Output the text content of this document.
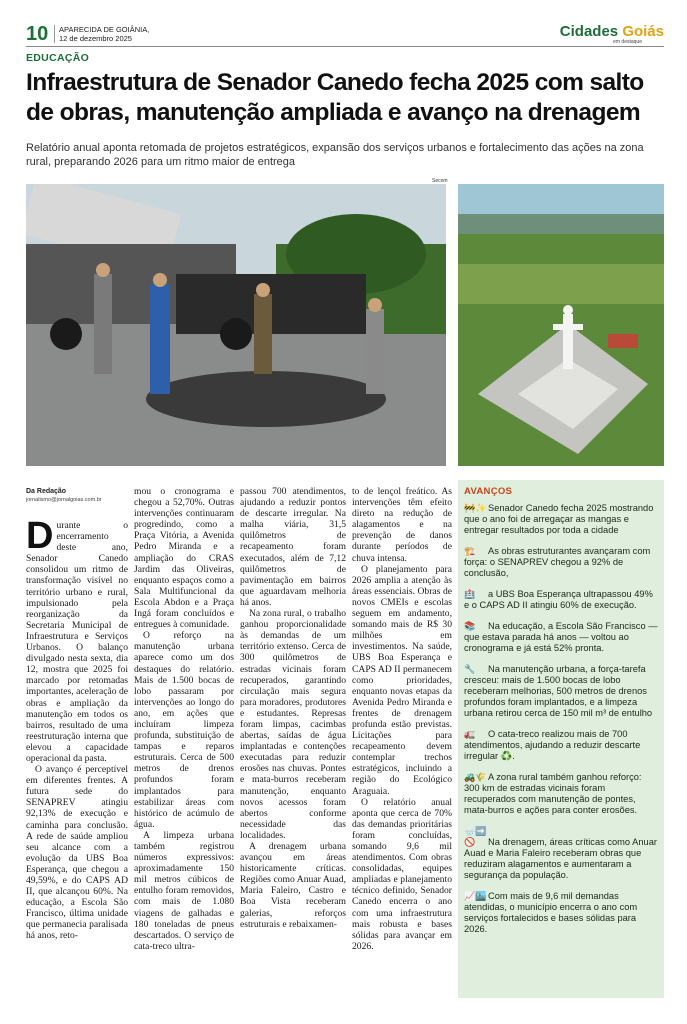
10 APARECIDA DE GOIÂNIA,
12 de dezembro 2025	Cidades Goiás
em destaque
EDUCAÇÃO
Infraestrutura de Senador Canedo fecha 2025 com salto de obras, manutenção ampliada e avanço na drenagem
Relatório anual aponta retomada de projetos estratégicos, expansão dos serviços urbanos e fortalecimento das ações na zona rural, preparando 2026 para um ritmo maior de entrega
Secom
Da Redação
jornalismo@jornalgoias.com.br

Durante o encerramento deste ano, Senador Canedo consolidou um ritmo de transformação visível no território urbano e rural, impulsionado pela reorganização da Secretaria Municipal de Infraestrutura e Serviços Urbanos. O balanço divulgado nesta sexta, dia 12, mostra que 2025 foi marcado por retomadas importantes, aceleração de obras e ampliação da manutenção em todos os bairros, resultado de uma reestruturação interna que elevou a capacidade operacional da pasta.

O avanço é perceptível em diferentes frentes. A futura sede do SENAPREV atingiu 92,13% de execução e caminha para conclusão. A rede de saúde ampliou seu alcance com a evolução da UBS Boa Esperança, que chegou a 49,59%, e do CAPS AD II, que alcançou 60%. Na educação, a Escola São Francisco, última unidade que permanecia paralisada há anos, reto-

mou o cronograma e chegou a 52,70%. Outras intervenções continuaram progredindo, como a Praça Vitória, a Avenida Pedro Miranda e a ampliação do CRAS Jardim das Oliveiras, enquanto espaços como a Sala Multifuncional da Escola Abdon e a Praça Ingá foram concluídos e entregues à comunidade.

O reforço na manutenção urbana aparece como um dos destaques do relatório. Mais de 1.500 bocas de lobo passaram por intervenções ao longo do ano, em ações que incluíram limpeza profunda, substituição de tampas e reparos estruturais. Cerca de 500 metros de drenos profundos foram implantados para estabilizar áreas com histórico de acúmulo de água.

A limpeza urbana também registrou números expressivos: aproximadamente 150 mil metros cúbicos de entulho foram removidos, com mais de 1.080 viagens de galhadas e 180 toneladas de pneus descartados. O serviço de cata-treco ultra-

passou 700 atendimentos, ajudando a reduzir pontos de descarte irregular. Na malha viária, 31,5 quilômetros de recapeamento foram executados, além de 7,12 quilômetros de pavimentação em bairros que aguardavam melhoria há anos.

Na zona rural, o trabalho ganhou proporcionalidade às demandas de um território extenso. Cerca de 300 quilômetros de estradas vicinais foram recuperados, garantindo circulação mais segura para moradores, produtores e estudantes. Represas foram limpas, cacimbas abertas, saídas de água implantadas e contenções executadas para reduzir erosões nas chuvas. Pontes e mata-burros receberam manutenção, enquanto novos acessos foram abertos conforme necessidade das localidades.

A drenagem urbana avançou em áreas historicamente críticas. Regiões como Anuar Auad, Maria Faleiro, Castro e Boa Vista receberam galerias, reforços estruturais e rebaixamen-

to de lençol freático. As intervenções têm efeito direto na redução de alagamentos e na prevenção de danos durante períodos de chuva intensa.

O planejamento para 2026 amplia a atenção às áreas essenciais. Obras de novos CMEIs e escolas seguem em andamento, somando mais de R$ 30 milhões em investimentos. Na saúde, UBS Boa Esperança e CAPS AD II permanecem como prioridades, enquanto novas etapas da Avenida Pedro Miranda e frentes de drenagem profunda estão previstas. Licitações para recapeamento devem contemplar trechos estratégicos, incluindo a região do Ecológico Araguaia.

O relatório anual aponta que cerca de 70% das demandas prioritárias foram concluídas, somando 9,6 mil atendimentos. Com obras consolidadas, equipes ampliadas e planejamento técnico definido, Senador Canedo encerra o ano com uma infraestrutura mais robusta e bases sólidas para avançar em 2026.

AVANÇOS
🚧✨ Senador Canedo fecha 2025 mostrando que o ano foi de arregaçar as mangas e entregar resultados por toda a cidade
🏗️ As obras estruturantes avançaram com força: o SENAPREV chegou a 92% de conclusão,
🏥 a UBS Boa Esperança ultrapassou 49% e o CAPS AD II atingiu 60% de execução.
📚 Na educação, a Escola São Francisco — que estava parada há anos — voltou ao cronograma e já está 52% pronta.
🔧 Na manutenção urbana, a força-tarefa cresceu: mais de 1.500 bocas de lobo receberam melhorias, 500 metros de drenos profundos foram implantados, e a limpeza urbana retirou cerca de 150 mil m³ de entulho
🚛 O cata-treco realizou mais de 700 atendimentos, ajudando a reduzir descarte irregular ♻️.
🚜🌾 A zona rural também ganhou reforço: 300 km de estradas vicinais foram recuperados com manutenção de pontes, mata-burros e ações para conter erosões.
🌧️➡️🚫 Na drenagem, áreas críticas como Anuar Auad e Maria Faleiro receberam obras que reduziram alagamentos e aumentaram a segurança da população.
📈🏙️ Com mais de 9,6 mil demandas atendidas, o município encerra o ano com serviços fortalecidos e bases sólidas para 2026.
